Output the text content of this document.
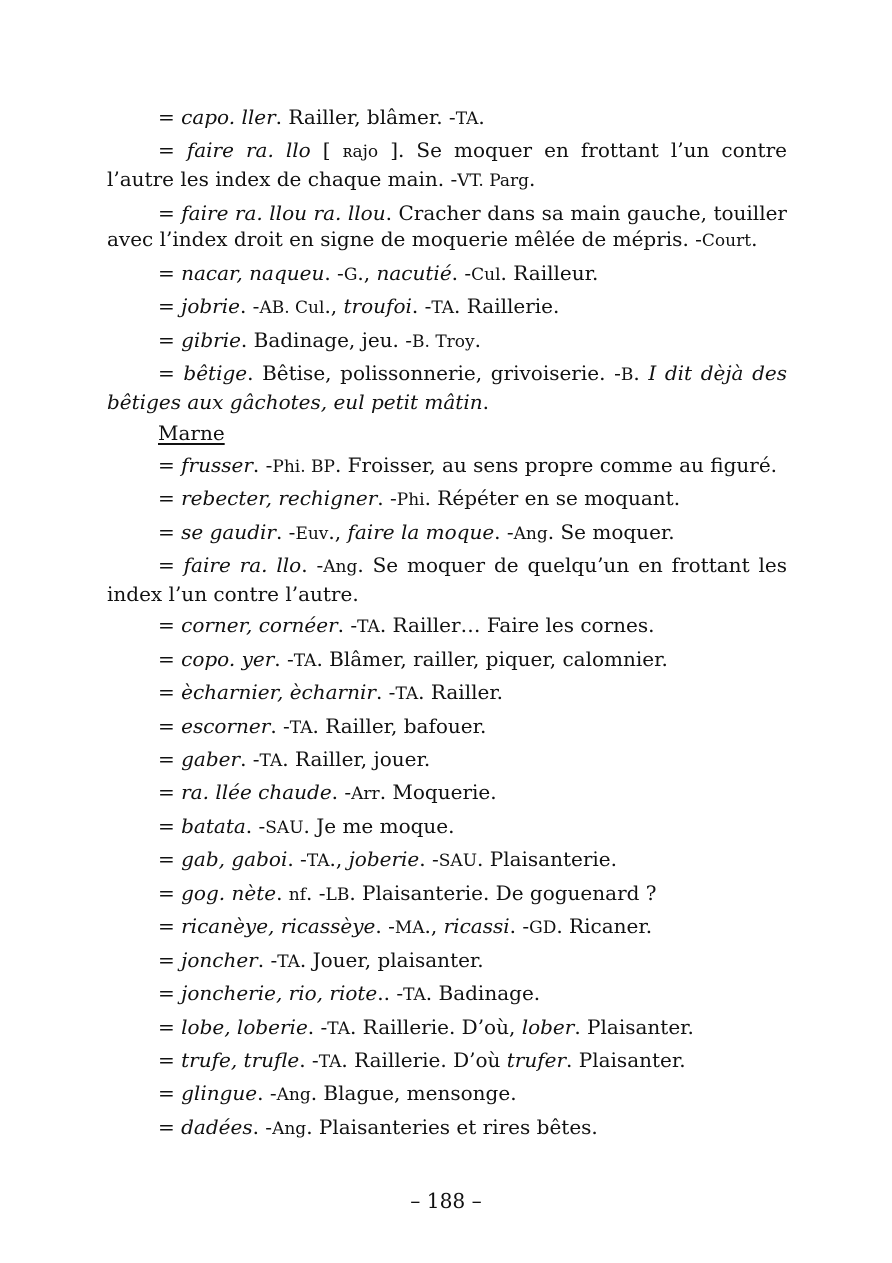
= capo. ller. Railler, blâmer. -TA.

= faire ra. llo [ ʀajo ]. Se moquer en frottant l’un contre l’autre les index de chaque main. -VT. Parg.

= faire ra. llou ra. llou. Cracher dans sa main gauche, touiller avec l’index droit en signe de moquerie mêlée de mépris. -Court.

= nacar, naqueu. -G., nacutié. -Cul. Railleur.

= jobrie. -AB. Cul., troufoi. -TA. Raillerie.

= gibrie. Badinage, jeu. -B. Troy.

= bêtige. Bêtise, polissonnerie, grivoiserie. -B. I dit dèjà des bêtiges aux gâchotes, eul petit mâtin.

Marne

= frusser. -Phi. BP. Froisser, au sens propre comme au figuré.

= rebecter, rechigner. -Phi. Répéter en se moquant.

= se gaudir. -Euv., faire la moque. -Ang. Se moquer.

= faire ra. llo. -Ang. Se moquer de quelqu’un en frottant les index l’un contre l’autre.

= corner, cornéer. -TA. Railler… Faire les cornes.

= copo. yer. -TA. Blâmer, railler, piquer, calomnier.

= ècharnier, ècharnir. -TA. Railler.

= escorner. -TA. Railler, bafouer.

= gaber. -TA. Railler, jouer.

= ra. llée chaude. -Arr. Moquerie.

= batata. -SAU. Je me moque.

= gab, gaboi. -TA., joberie. -SAU. Plaisanterie.

= gog. nète. nf. -LB. Plaisanterie. De goguenard ?

= ricanèye, ricassèye. -MA., ricassi. -GD. Ricaner.

= joncher. -TA. Jouer, plaisanter.

= joncherie, rio, riote.. -TA. Badinage.

= lobe, loberie. -TA. Raillerie. D’où, lober. Plaisanter.

= trufe, trufle. -TA. Raillerie. D’où trufer. Plaisanter.

= glingue. -Ang. Blague, mensonge.

= dadées. -Ang. Plaisanteries et rires bêtes.

– 188 –
